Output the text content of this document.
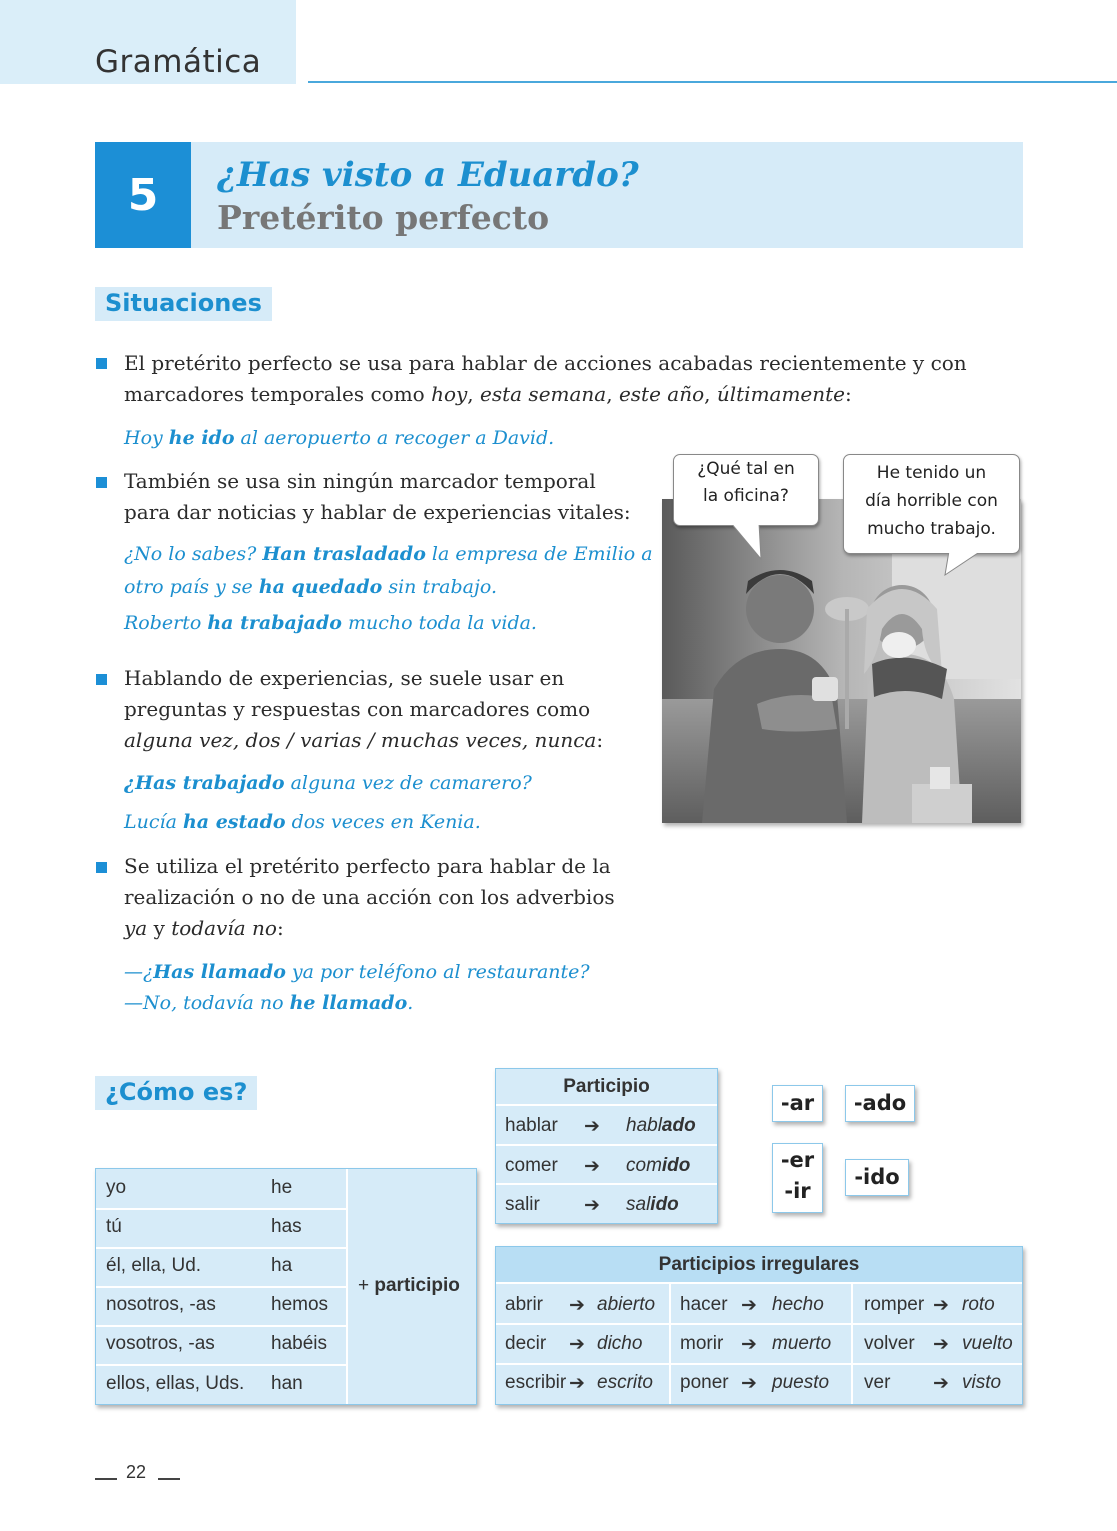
Gramática
5	¿Has visto a Eduardo?
Pretérito perfecto
Situaciones
El pretérito perfecto se usa para hablar de acciones acabadas recientemente y con
marcadores temporales como hoy, esta semana, este año, últimamente:
Hoy he ido al aeropuerto a recoger a David.
También se usa sin ningún marcador temporal
para dar noticias y hablar de experiencias vitales:
¿No lo sabes? Han trasladado la empresa de Emilio a
otro país y se ha quedado sin trabajo.
Roberto ha trabajado mucho toda la vida.
Hablando de experiencias, se suele usar en
preguntas y respuestas con marcadores como
alguna vez, dos / varias / muchas veces, nunca:
¿Has trabajado alguna vez de camarero?
Lucía ha estado dos veces en Kenia.
Se utiliza el pretérito perfecto para hablar de la
realización o no de una acción con los adverbios
ya y todavía no:
—¿Has llamado ya por teléfono al restaurante?
—No, todavía no he llamado.
¿Qué tal en
la oficina?
He tenido un
día horrible con
mucho trabajo.
¿Cómo es?
yo	he
tú	has
él, ella, Ud.	ha
nosotros, -as	hemos
vosotros, -as	habéis
ellos, ellas, Uds. han
+ participio
Participio
hablar ➔ hablado
comer ➔ comido
salir ➔ salido
-ar	-ado
-er
-ir
-ido
Participios irregulares
abrir ➔ abierto hacer ➔ hecho romper ➔ roto
decir ➔ dicho morir ➔ muerto volver ➔ vuelto
escribir ➔ escrito poner ➔ puesto ver ➔ visto
22
